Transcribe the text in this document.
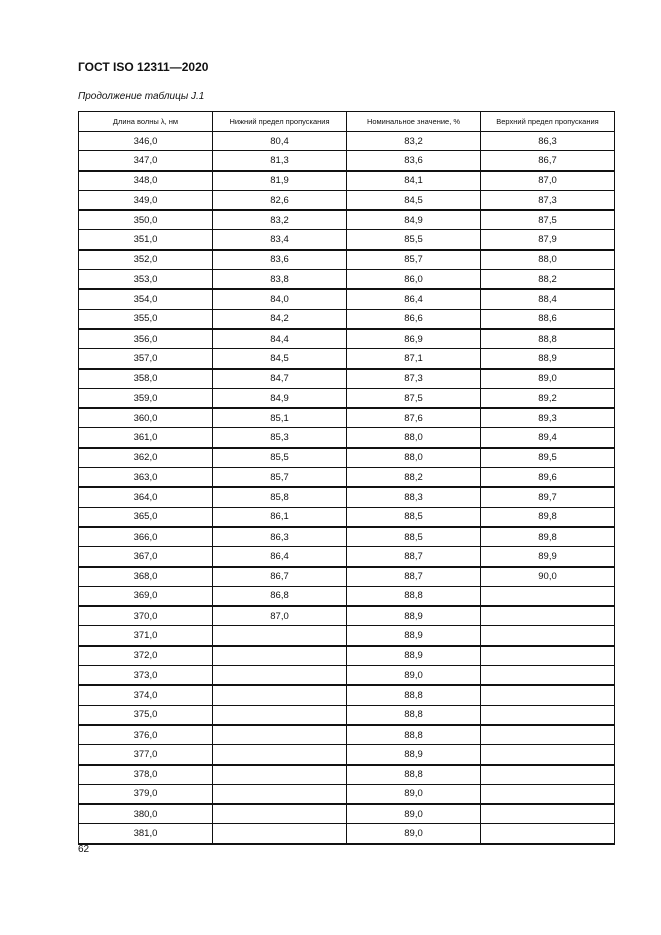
ГОСТ ISO 12311—2020
Продолжение таблицы J.1
Длина волны λ, нм	Нижний предел пропускания	Номинальное значение, %	Верхний предел пропускания
346,0	80,4	83,2	86,3
347,0	81,3	83,6	86,7
348,0	81,9	84,1	87,0
349,0	82,6	84,5	87,3
350,0	83,2	84,9	87,5
351,0	83,4	85,5	87,9
352,0	83,6	85,7	88,0
353,0	83,8	86,0	88,2
354,0	84,0	86,4	88,4
355,0	84,2	86,6	88,6
356,0	84,4	86,9	88,8
357,0	84,5	87,1	88,9
358,0	84,7	87,3	89,0
359,0	84,9	87,5	89,2
360,0	85,1	87,6	89,3
361,0	85,3	88,0	89,4
362,0	85,5	88,0	89,5
363,0	85,7	88,2	89,6
364,0	85,8	88,3	89,7
365,0	86,1	88,5	89,8
366,0	86,3	88,5	89,8
367,0	86,4	88,7	89,9
368,0	86,7	88,7	90,0
369,0	86,8	88,8	
370,0	87,0	88,9	
371,0		88,9	
372,0		88,9	
373,0		89,0	
374,0		88,8	
375,0		88,8	
376,0		88,8	
377,0		88,9	
378,0		88,8	
379,0		89,0	
380,0		89,0	
381,0		89,0	
62
